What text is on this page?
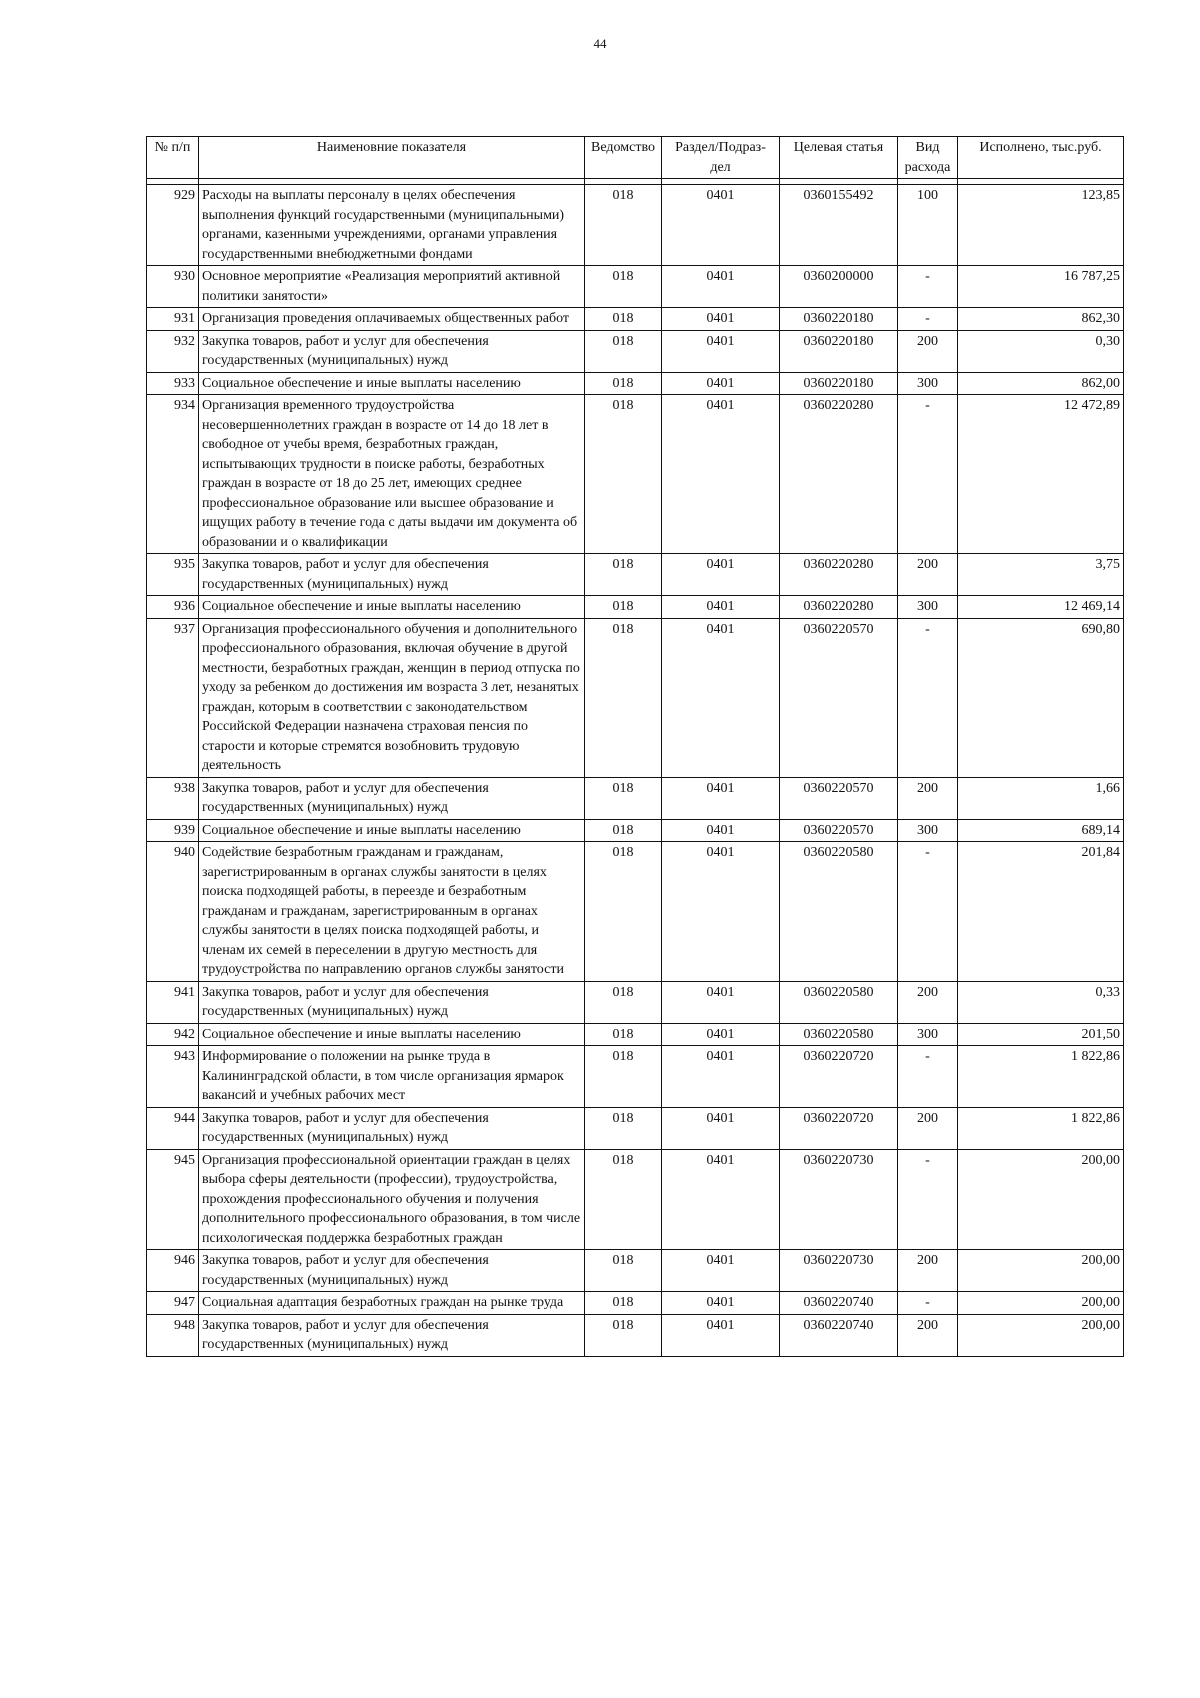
44
№ п/п	Наименовние показателя	Ведомство	Раздел/Подраз-дел	Целевая статья	Вид расхода	Исполнено, тыс.руб.

929	Расходы на выплаты персоналу в целях обеспечения выполнения функций государственными (муниципальными) органами, казенными учреждениями, органами управления государственными внебюджетными фондами	018	0401	0360155492	100	123,85
930	Основное мероприятие «Реализация мероприятий активной политики занятости»	018	0401	0360200000	-	16 787,25
931	Организация проведения оплачиваемых общественных работ	018	0401	0360220180	-	862,30
932	Закупка товаров, работ и услуг для обеспечения государственных (муниципальных) нужд	018	0401	0360220180	200	0,30
933	Социальное обеспечение и иные выплаты населению	018	0401	0360220180	300	862,00
934	Организация временного трудоустройства несовершеннолетних граждан в возрасте от 14 до 18 лет в свободное от учебы время, безработных граждан, испытывающих трудности в поиске работы, безработных граждан в возрасте от 18 до 25 лет, имеющих среднее профессиональное образование или высшее образование и ищущих работу в течение года с даты выдачи им документа об образовании и о квалификации	018	0401	0360220280	-	12 472,89
935	Закупка товаров, работ и услуг для обеспечения государственных (муниципальных) нужд	018	0401	0360220280	200	3,75
936	Социальное обеспечение и иные выплаты населению	018	0401	0360220280	300	12 469,14
937	Организация профессионального обучения и дополнительного профессионального образования, включая обучение в другой местности, безработных граждан, женщин в период отпуска по уходу за ребенком до достижения им возраста 3 лет, незанятых граждан, которым в соответствии с законодательством Российской Федерации назначена страховая пенсия по старости и которые стремятся возобновить трудовую деятельность	018	0401	0360220570	-	690,80
938	Закупка товаров, работ и услуг для обеспечения государственных (муниципальных) нужд	018	0401	0360220570	200	1,66
939	Социальное обеспечение и иные выплаты населению	018	0401	0360220570	300	689,14
940	Содействие безработным гражданам и гражданам, зарегистрированным в органах службы занятости в целях поиска подходящей работы, в переезде и безработным гражданам и гражданам, зарегистрированным в органах службы занятости в целях поиска подходящей работы, и членам их семей в переселении в другую местность для трудоустройства по направлению органов службы занятости	018	0401	0360220580	-	201,84
941	Закупка товаров, работ и услуг для обеспечения государственных (муниципальных) нужд	018	0401	0360220580	200	0,33
942	Социальное обеспечение и иные выплаты населению	018	0401	0360220580	300	201,50
943	Информирование о положении на рынке труда в Калининградской области, в том числе организация ярмарок вакансий и учебных рабочих мест	018	0401	0360220720	-	1 822,86
944	Закупка товаров, работ и услуг для обеспечения государственных (муниципальных) нужд	018	0401	0360220720	200	1 822,86
945	Организация профессиональной ориентации граждан в целях выбора сферы деятельности (профессии), трудоустройства, прохождения профессионального обучения и получения дополнительного профессионального образования, в том числе психологическая поддержка безработных граждан	018	0401	0360220730	-	200,00
946	Закупка товаров, работ и услуг для обеспечения государственных (муниципальных) нужд	018	0401	0360220730	200	200,00
947	Социальная адаптация безработных граждан на рынке труда	018	0401	0360220740	-	200,00
948	Закупка товаров, работ и услуг для обеспечения государственных (муниципальных) нужд	018	0401	0360220740	200	200,00
